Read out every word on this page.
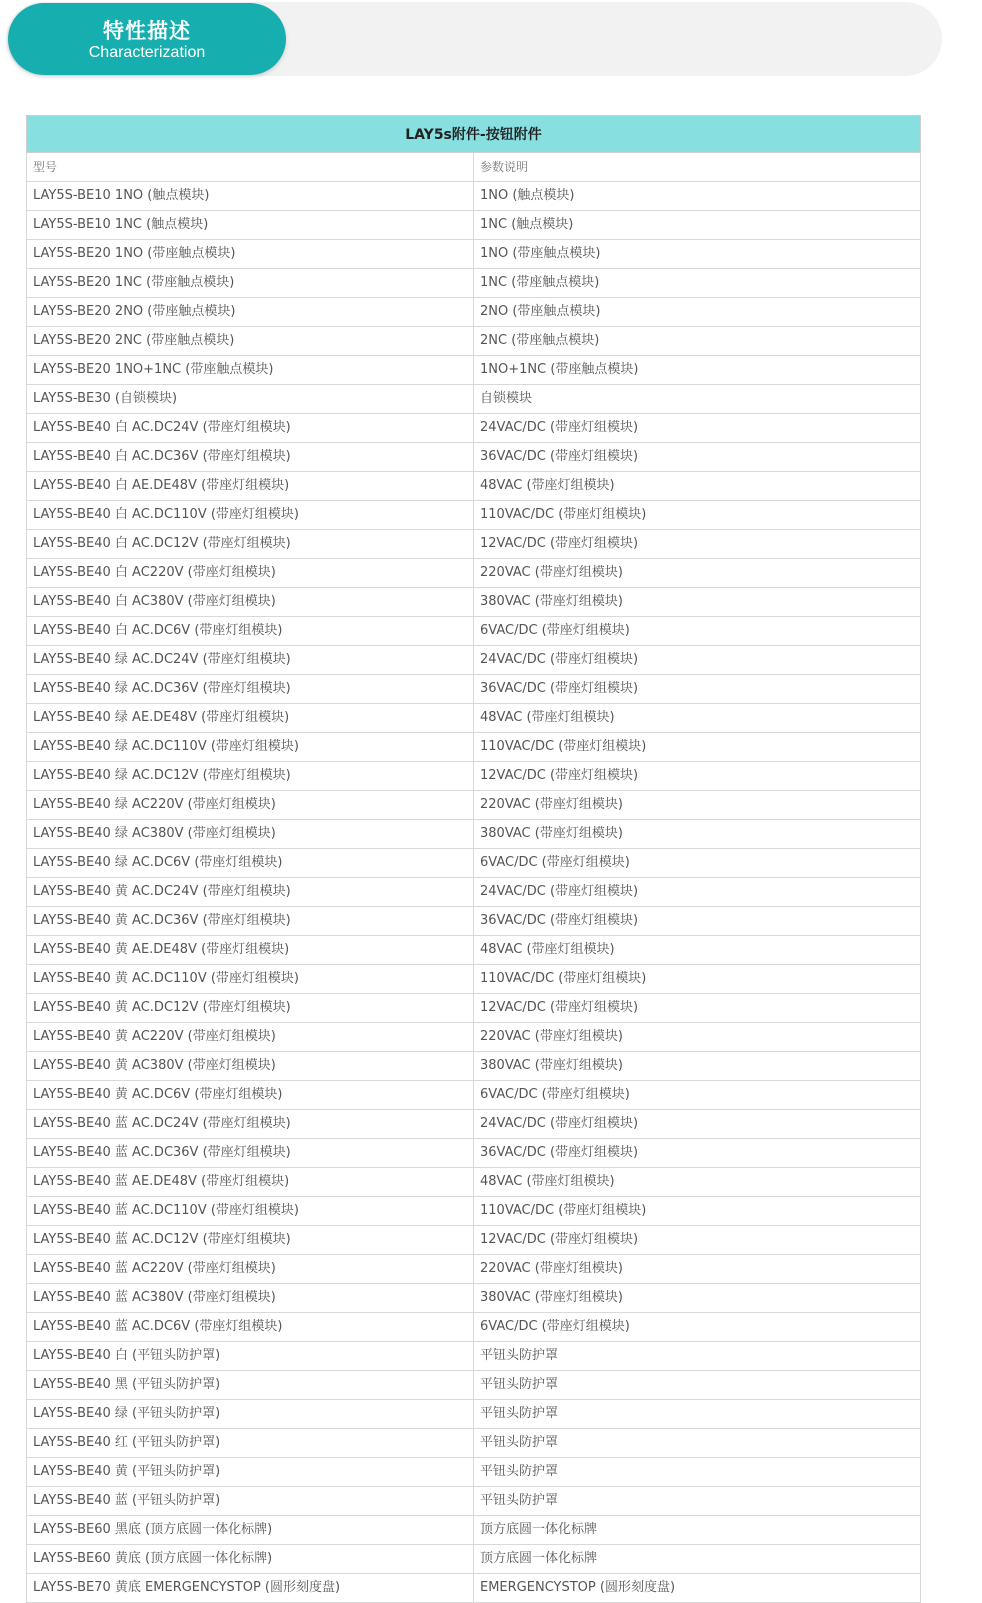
特性描述
Characterization
LAY5s附件-按钮附件	
型号	参数说明
LAY5S-BE10 1NO (触点模块)	1NO (触点模块)
LAY5S-BE10 1NC (触点模块)	1NC (触点模块)
LAY5S-BE20 1NO (带座触点模块)	1NO (带座触点模块)
LAY5S-BE20 1NC (带座触点模块)	1NC (带座触点模块)
LAY5S-BE20 2NO (带座触点模块)	2NO (带座触点模块)
LAY5S-BE20 2NC (带座触点模块)	2NC (带座触点模块)
LAY5S-BE20 1NO+1NC (带座触点模块)	1NO+1NC (带座触点模块)
LAY5S-BE30 (自锁模块)	自锁模块
LAY5S-BE40 白 AC.DC24V (带座灯组模块)	24VAC/DC (带座灯组模块)
LAY5S-BE40 白 AC.DC36V (带座灯组模块)	36VAC/DC (带座灯组模块)
LAY5S-BE40 白 AE.DE48V (带座灯组模块)	48VAC (带座灯组模块)
LAY5S-BE40 白 AC.DC110V (带座灯组模块)	110VAC/DC (带座灯组模块)
LAY5S-BE40 白 AC.DC12V (带座灯组模块)	12VAC/DC (带座灯组模块)
LAY5S-BE40 白 AC220V (带座灯组模块)	220VAC (带座灯组模块)
LAY5S-BE40 白 AC380V (带座灯组模块)	380VAC (带座灯组模块)
LAY5S-BE40 白 AC.DC6V (带座灯组模块)	6VAC/DC (带座灯组模块)
LAY5S-BE40 绿 AC.DC24V (带座灯组模块)	24VAC/DC (带座灯组模块)
LAY5S-BE40 绿 AC.DC36V (带座灯组模块)	36VAC/DC (带座灯组模块)
LAY5S-BE40 绿 AE.DE48V (带座灯组模块)	48VAC (带座灯组模块)
LAY5S-BE40 绿 AC.DC110V (带座灯组模块)	110VAC/DC (带座灯组模块)
LAY5S-BE40 绿 AC.DC12V (带座灯组模块)	12VAC/DC (带座灯组模块)
LAY5S-BE40 绿 AC220V (带座灯组模块)	220VAC (带座灯组模块)
LAY5S-BE40 绿 AC380V (带座灯组模块)	380VAC (带座灯组模块)
LAY5S-BE40 绿 AC.DC6V (带座灯组模块)	6VAC/DC (带座灯组模块)
LAY5S-BE40 黄 AC.DC24V (带座灯组模块)	24VAC/DC (带座灯组模块)
LAY5S-BE40 黄 AC.DC36V (带座灯组模块)	36VAC/DC (带座灯组模块)
LAY5S-BE40 黄 AE.DE48V (带座灯组模块)	48VAC (带座灯组模块)
LAY5S-BE40 黄 AC.DC110V (带座灯组模块)	110VAC/DC (带座灯组模块)
LAY5S-BE40 黄 AC.DC12V (带座灯组模块)	12VAC/DC (带座灯组模块)
LAY5S-BE40 黄 AC220V (带座灯组模块)	220VAC (带座灯组模块)
LAY5S-BE40 黄 AC380V (带座灯组模块)	380VAC (带座灯组模块)
LAY5S-BE40 黄 AC.DC6V (带座灯组模块)	6VAC/DC (带座灯组模块)
LAY5S-BE40 蓝 AC.DC24V (带座灯组模块)	24VAC/DC (带座灯组模块)
LAY5S-BE40 蓝 AC.DC36V (带座灯组模块)	36VAC/DC (带座灯组模块)
LAY5S-BE40 蓝 AE.DE48V (带座灯组模块)	48VAC (带座灯组模块)
LAY5S-BE40 蓝 AC.DC110V (带座灯组模块)	110VAC/DC (带座灯组模块)
LAY5S-BE40 蓝 AC.DC12V (带座灯组模块)	12VAC/DC (带座灯组模块)
LAY5S-BE40 蓝 AC220V (带座灯组模块)	220VAC (带座灯组模块)
LAY5S-BE40 蓝 AC380V (带座灯组模块)	380VAC (带座灯组模块)
LAY5S-BE40 蓝 AC.DC6V (带座灯组模块)	6VAC/DC (带座灯组模块)
LAY5S-BE40 白 (平钮头防护罩)	平钮头防护罩
LAY5S-BE40 黑 (平钮头防护罩)	平钮头防护罩
LAY5S-BE40 绿 (平钮头防护罩)	平钮头防护罩
LAY5S-BE40 红 (平钮头防护罩)	平钮头防护罩
LAY5S-BE40 黄 (平钮头防护罩)	平钮头防护罩
LAY5S-BE40 蓝 (平钮头防护罩)	平钮头防护罩
LAY5S-BE60 黑底 (顶方底圆一体化标牌)	顶方底圆一体化标牌
LAY5S-BE60 黄底 (顶方底圆一体化标牌)	顶方底圆一体化标牌
LAY5S-BE70 黄底 EMERGENCYSTOP (圆形刻度盘)	EMERGENCYSTOP (圆形刻度盘)
